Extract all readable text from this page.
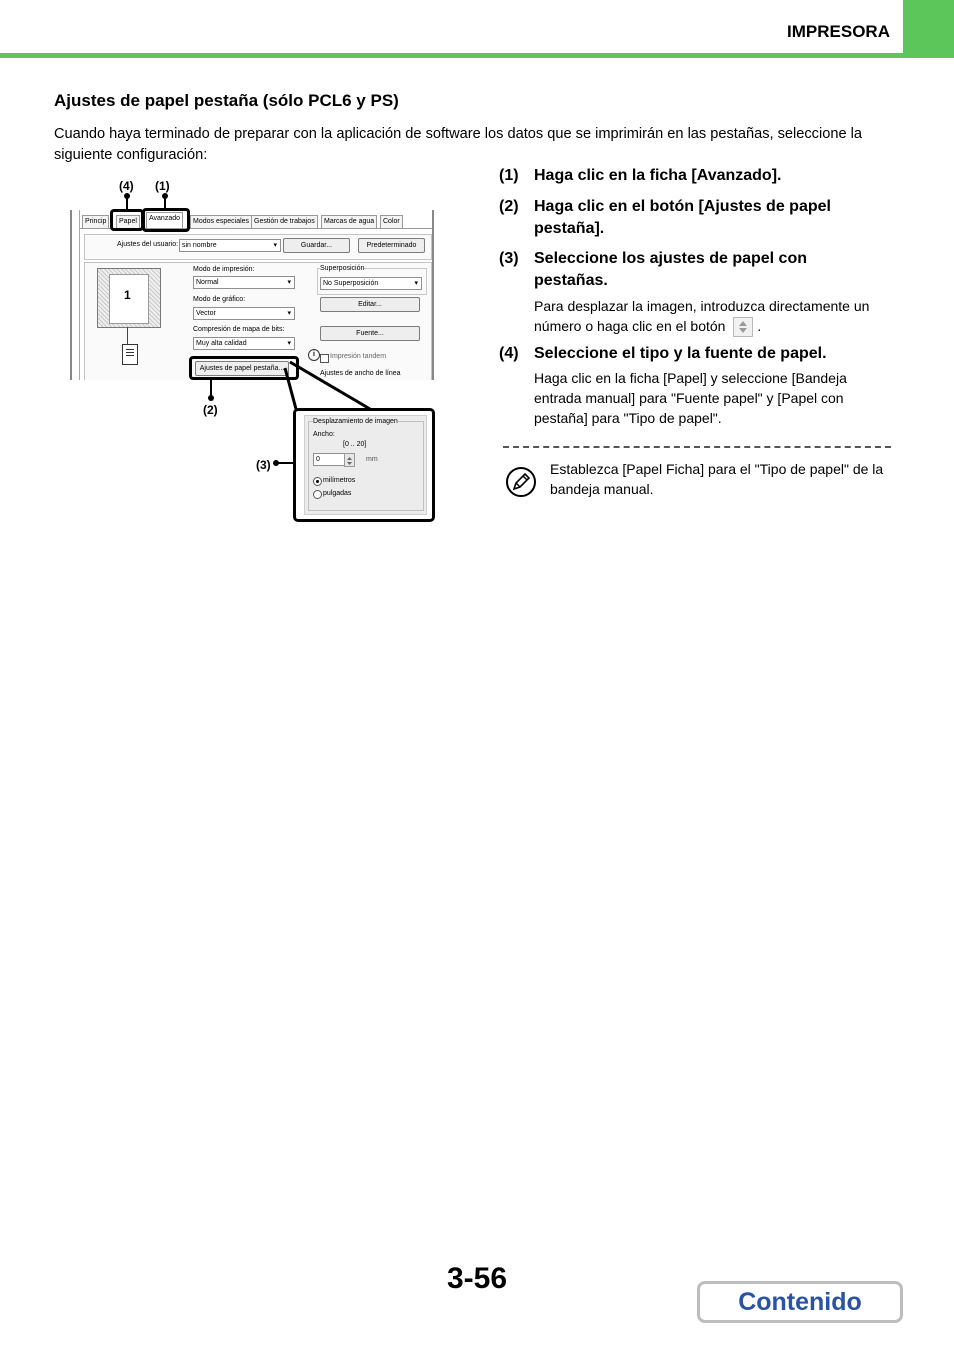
IMPRESORA
Ajustes de papel pestaña (sólo PCL6 y PS)
Cuando haya terminado de preparar con la aplicación de software los datos que se imprimirán en las pestañas, seleccione la siguiente configuración:
Princip	Papel	Avanzado	Modos especiales Gestión de trabajos	Marcas de agua	Color
Ajustes del usuario: sin nombre	▾	Guardar...	Predeterminado
1
Modo de impresión:
Normal	▾
Modo de gráfico:
Vector	▾
Compresión de mapa de bits:
Muy alta calidad	▾
Ajustes de papel pestaña...
Superposición
No Superposición	▾
Editar...
Fuente...
i	Impresión tandem
Ajustes de ancho de línea
(4) (1)
(2)
(3)
Desplazamiento de imagen
Ancho:
[0 .. 20]
0	mm
milímetros
pulgadas
(1) Haga clic en la ficha [Avanzado].
(2) Haga clic en el botón [Ajustes de papel pestaña].
(3) Seleccione los ajustes de papel con pestañas.
Para desplazar la imagen, introduzca directamente un número o haga clic en el botón .
(4) Seleccione el tipo y la fuente de papel.
Haga clic en la ficha [Papel] y seleccione [Bandeja entrada manual] para "Fuente papel" y [Papel con pestaña] para "Tipo de papel".
Establezca [Papel Ficha] para el "Tipo de papel" de la bandeja manual.
3-56
Contenido
